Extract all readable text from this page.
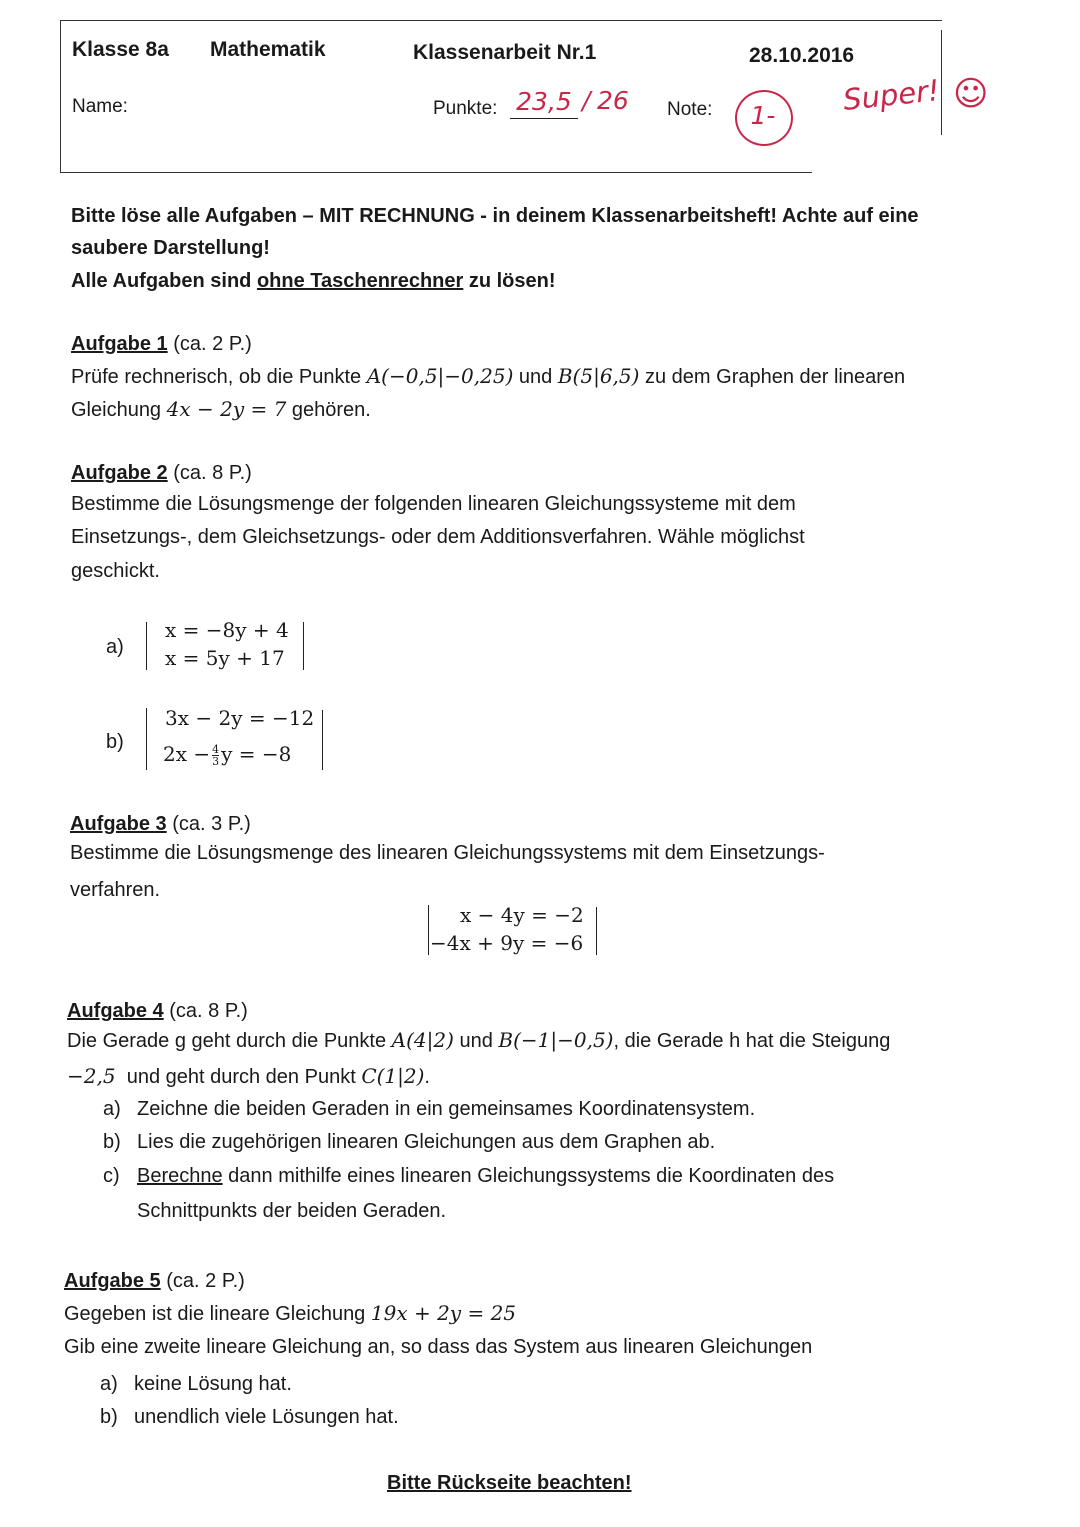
Klasse 8a Mathematik	Klassenarbeit Nr.1	28.10.2016
Name:	Punkte: 23,5 / 26 Note:	1-	Super! ☺
Bitte löse alle Aufgaben – MIT RECHNUNG - in deinem Klassenarbeitsheft! Achte auf eine
saubere Darstellung!
Alle Aufgaben sind ohne Taschenrechner zu lösen!
Aufgabe 1 (ca. 2 P.)
Prüfe rechnerisch, ob die Punkte A(−0,5|−0,25) und B(5|6,5) zu dem Graphen der linearen
Gleichung 4x − 2y = 7 gehören.
Aufgabe 2 (ca. 8 P.)
Bestimme die Lösungsmenge der folgenden linearen Gleichungssysteme mit dem
Einsetzungs-, dem Gleichsetzungs- oder dem Additionsverfahren. Wähle möglichst
geschickt.
a)
x = −8y + 4
x = 5y + 17
b)
3x − 2y = −12
$2x - \frac{4}{3}$ y = −8
Aufgabe 3 (ca. 3 P.)
Bestimme die Lösungsmenge des linearen Gleichungssystems mit dem Einsetzungs-
verfahren.
x − 4y = −2
−4x + 9y = −6
Aufgabe 4 (ca. 8 P.)
Die Gerade g geht durch die Punkte A(4|2) und B(−1|−0,5), die Gerade h hat die Steigung
−2,5  und geht durch den Punkt C(1|2).
a) Zeichne die beiden Geraden in ein gemeinsames Koordinatensystem.
b) Lies die zugehörigen linearen Gleichungen aus dem Graphen ab.
c) Berechne dann mithilfe eines linearen Gleichungssystems die Koordinaten des
Schnittpunkts der beiden Geraden.
Aufgabe 5 (ca. 2 P.)
Gegeben ist die lineare Gleichung 19x + 2y = 25
Gib eine zweite lineare Gleichung an, so dass das System aus linearen Gleichungen
a) keine Lösung hat.
b) unendlich viele Lösungen hat.
Bitte Rückseite beachten!
